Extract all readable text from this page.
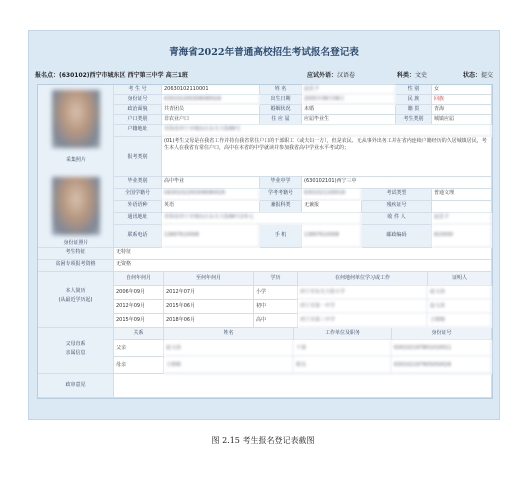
青海省2022年普通高校招生考试报名登记表
报名点：(630102)西宁市城东区 西宁第三中学 高三1班	应试外语：汉语卷	科类：文史	状态：提交
采集照片
身份证照片
考 生 号	20630102110001	姓 名	赵思予	性 别	女
身份证号	630102200308080026	出生日期	2005年08月08日	民 族	回族
政治面貌	共青团员	婚姻状况	未婚	籍 贯	青海
户口类别	非农业户口	住 应 届	应届毕业生	考生类别	城镇应届
户籍地址	青海省西宁市城东区东关大街88号
报考类别
(01)考生父母是在我省工作并持有我省常住户口的干部职工（或夫妇一方），但是农民、无从事外出务工并在省内连续户籍经历的久居城镇居民，考生本人在我省有常住户口，高中在本省的中学就读并参加我省高中学业水平考试的；
毕业类别	高中毕业	毕业中学	(630102101)西宁三中
全国学籍号	G630102200308080026	学考考籍号	6301021100016	考试类型	普通文理
外语语种	英语	兼报科类	无兼报	残疾证号
通讯地址	青海省西宁市城东区东关大街88号2单元	收 件 人	赵思予
联系电话	13897610008	手 机	13897610008	邮政编码	810000
考生特征	无特征
贫困专项报考资格	无资格
本人简历
(从最近学历起)
父母直系
亲属信息
政审意见
自何年何月	至何年何月	学历	在何地何单位学习或工作	证明人
2006年09月	2012年07月	小学	西宁市东关大街小学	赵文涛
2012年09月	2015年06月	初中	西宁市第一中学	赵文涛
2015年09月	2018年06月	高中	西宁市第三中学	王晓梅
关系	姓名	工作单位及职务	身份证号
父亲	赵文涛	干部	630102197801010011
母亲	王晓梅	职员	630102197905050026
图 2.15 考生报名登记表截图
